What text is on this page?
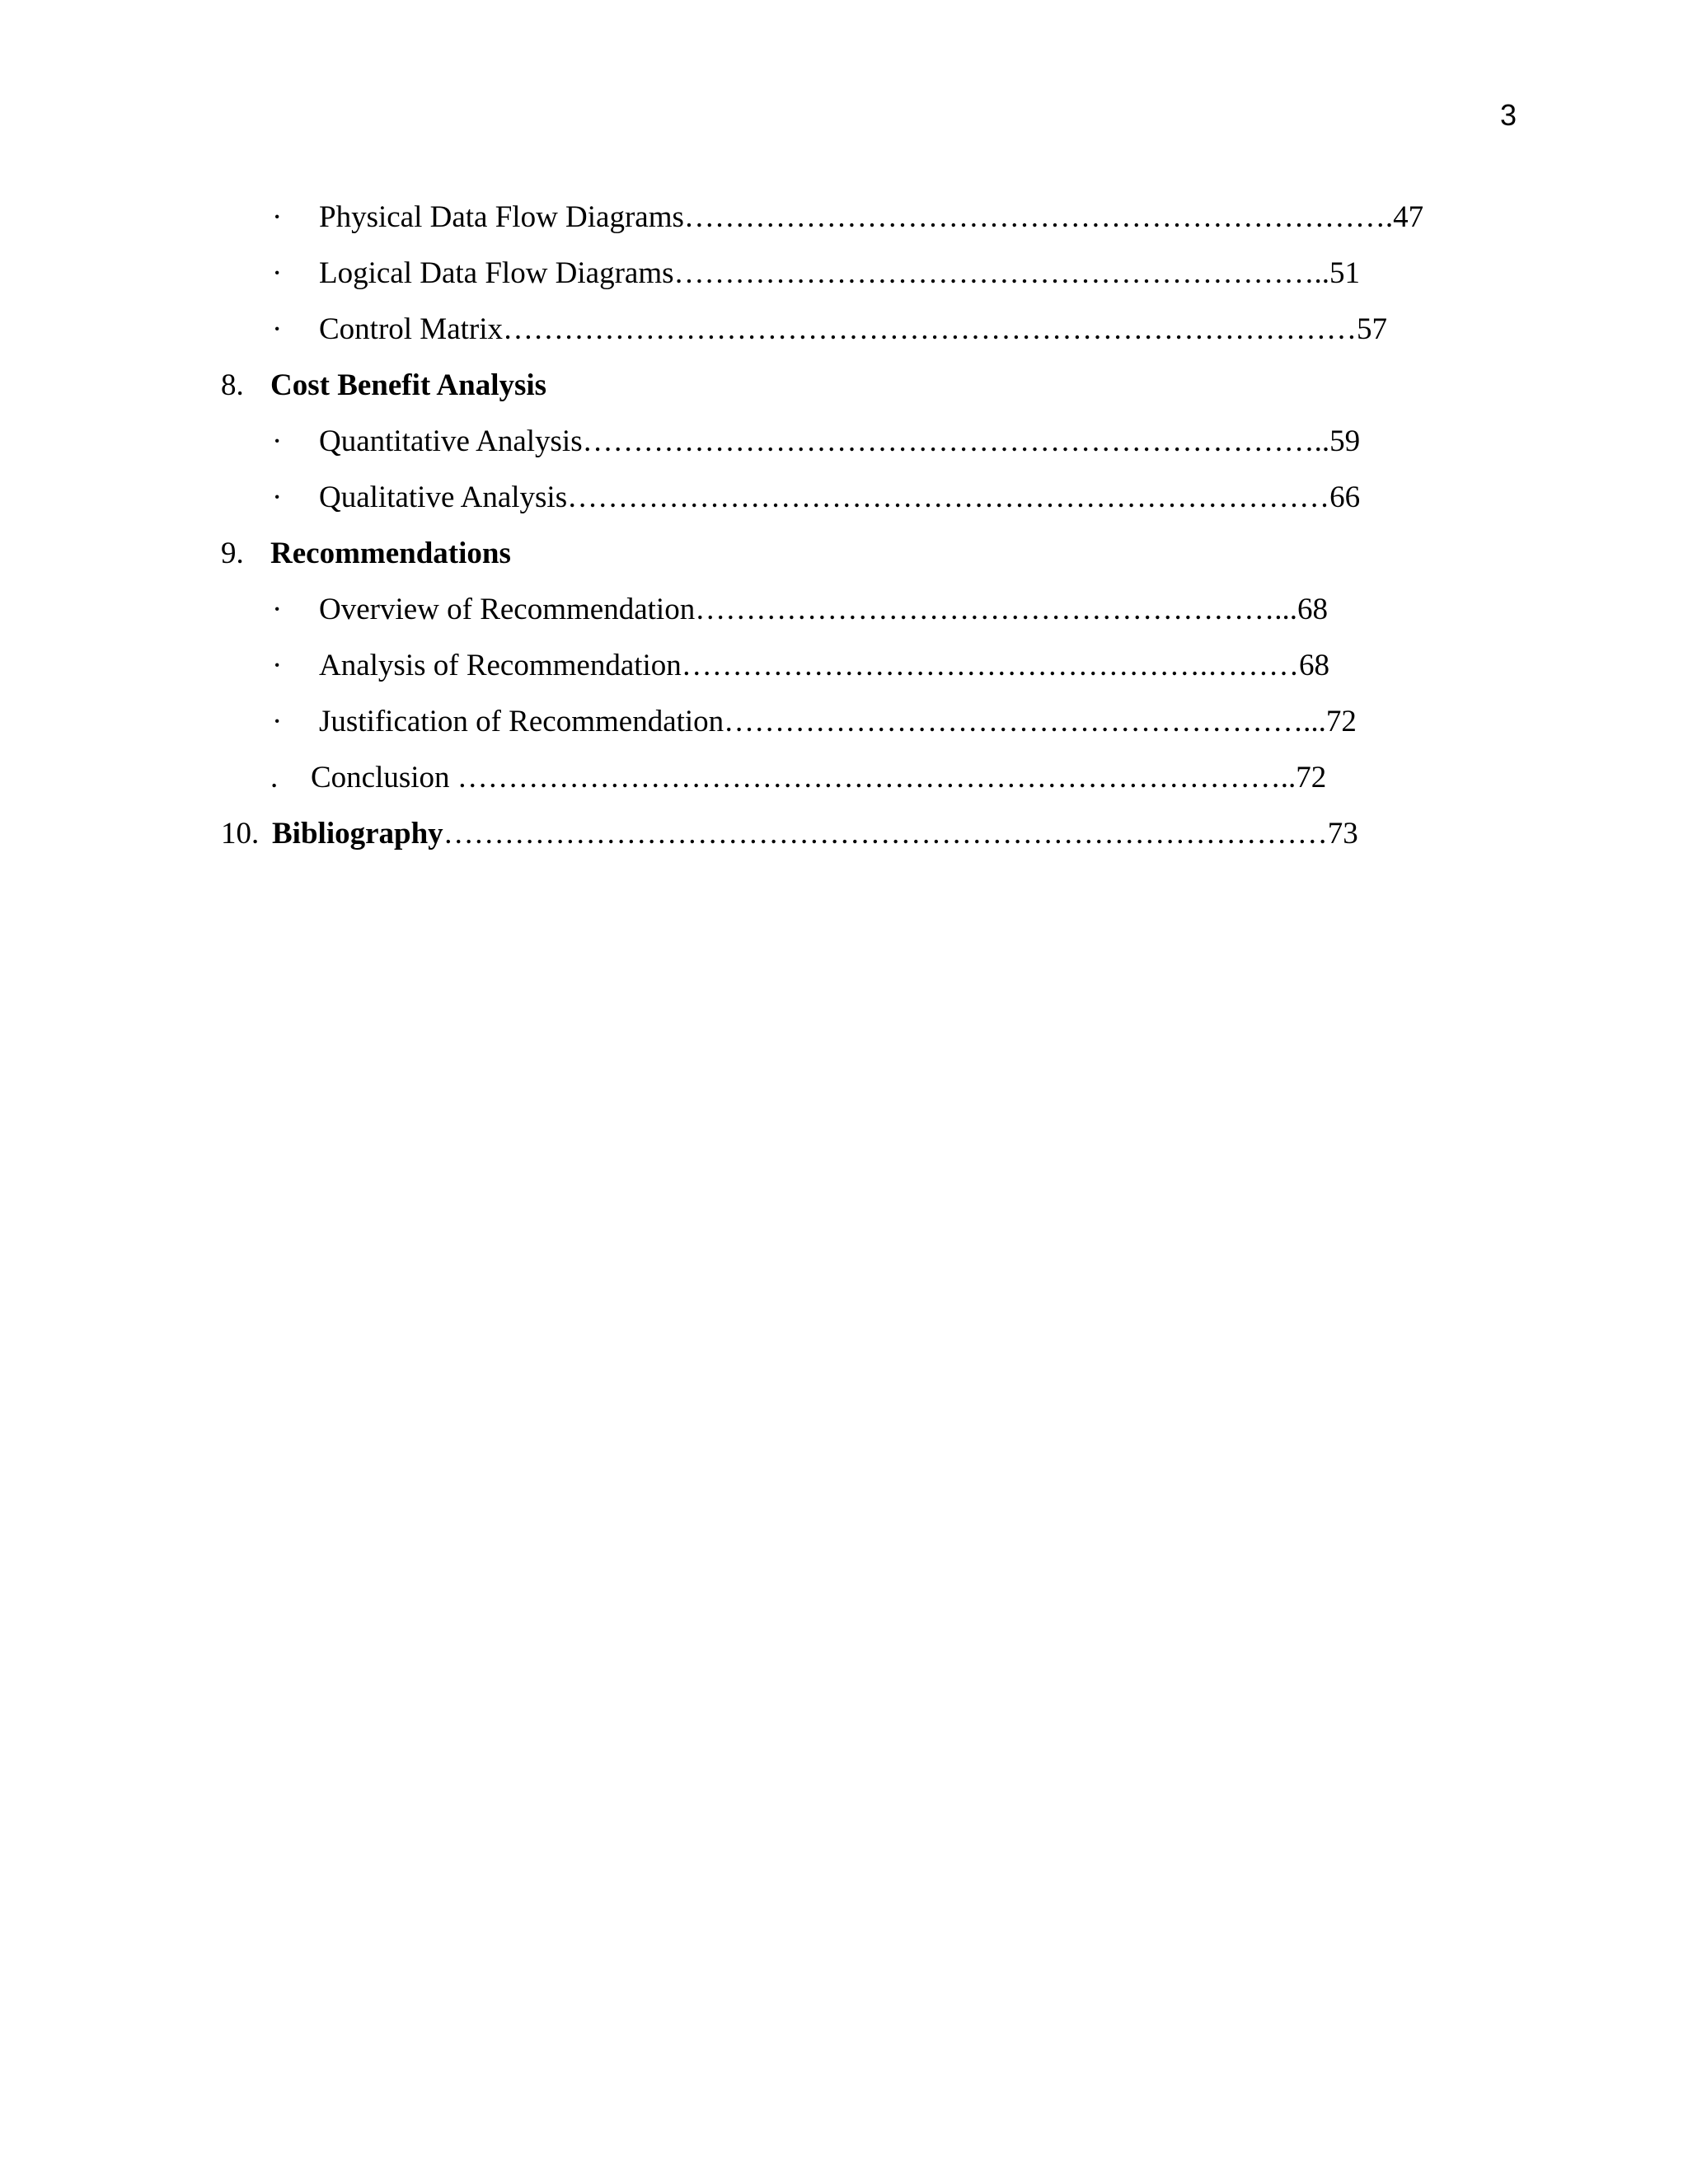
3
· Physical Data Flow Diagrams…………………………………………………………….47
· Logical Data Flow Diagrams………………………………………………………..51
· Control Matrix…………………………………………………………………………57
8. Cost Benefit Analysis
· Quantitative Analysis………………………………………………………………..59
· Qualitative Analysis…………………………………………………………………66
9. Recommendations
· Overview of Recommendation…………………………………………………...68
· Analysis of Recommendation…………………………………………….………68
· Justification of Recommendation…………………………………………………...72
. Conclusion ………………………………………………………………………..72
10. Bibliography……………………………………………………………………………73
